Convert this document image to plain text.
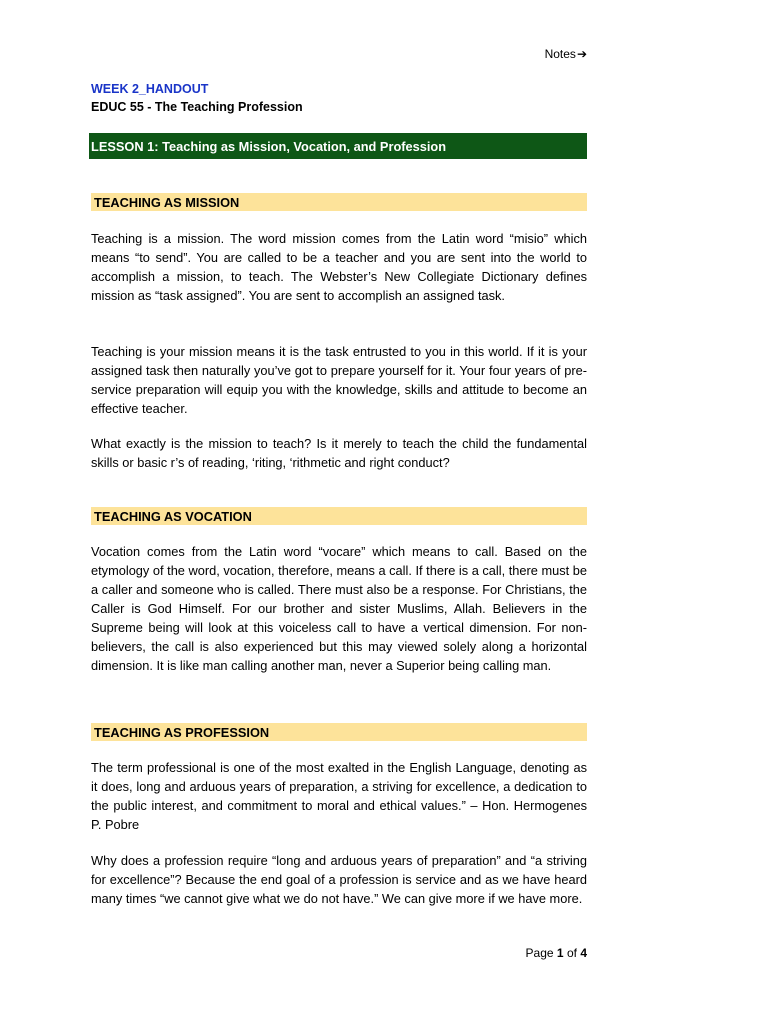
Notes➔
WEEK 2_HANDOUT
EDUC 55 - The Teaching Profession
LESSON 1: Teaching as Mission, Vocation, and Profession
TEACHING AS MISSION
Teaching is a mission. The word mission comes from the Latin word “misio” which means “to send”. You are called to be a teacher and you are sent into the world to accomplish a mission, to teach. The Webster’s New Collegiate Dictionary defines mission as “task assigned”. You are sent to accomplish an assigned task.
Teaching is your mission means it is the task entrusted to you in this world. If it is your assigned task then naturally you’ve got to prepare yourself for it. Your four years of pre- service preparation will equip you with the knowledge, skills and attitude to become an effective teacher.
What exactly is the mission to teach? Is it merely to teach the child the fundamental skills or basic r’s of reading, ‘riting, ‘rithmetic and right conduct?
TEACHING AS VOCATION
Vocation comes from the Latin word “vocare” which means to call. Based on the etymology of the word, vocation, therefore, means a call. If there is a call, there must be a caller and someone who is called. There must also be a response. For Christians, the Caller is God Himself. For our brother and sister Muslims, Allah. Believers in the Supreme being will look at this voiceless call to have a vertical dimension. For non- believers, the call is also experienced but this may viewed solely along a horizontal dimension. It is like man calling another man, never a Superior being calling man.
TEACHING AS PROFESSION
The term professional is one of the most exalted in the English Language, denoting as it does, long and arduous years of preparation, a striving for excellence, a dedication to the public interest, and commitment to moral and ethical values.” – Hon. Hermogenes P. Pobre
Why does a profession require “long and arduous years of preparation” and “a striving for excellence”? Because the end goal of a profession is service and as we have heard many times “we cannot give what we do not have.” We can give more if we have more.
Page 1 of 4
